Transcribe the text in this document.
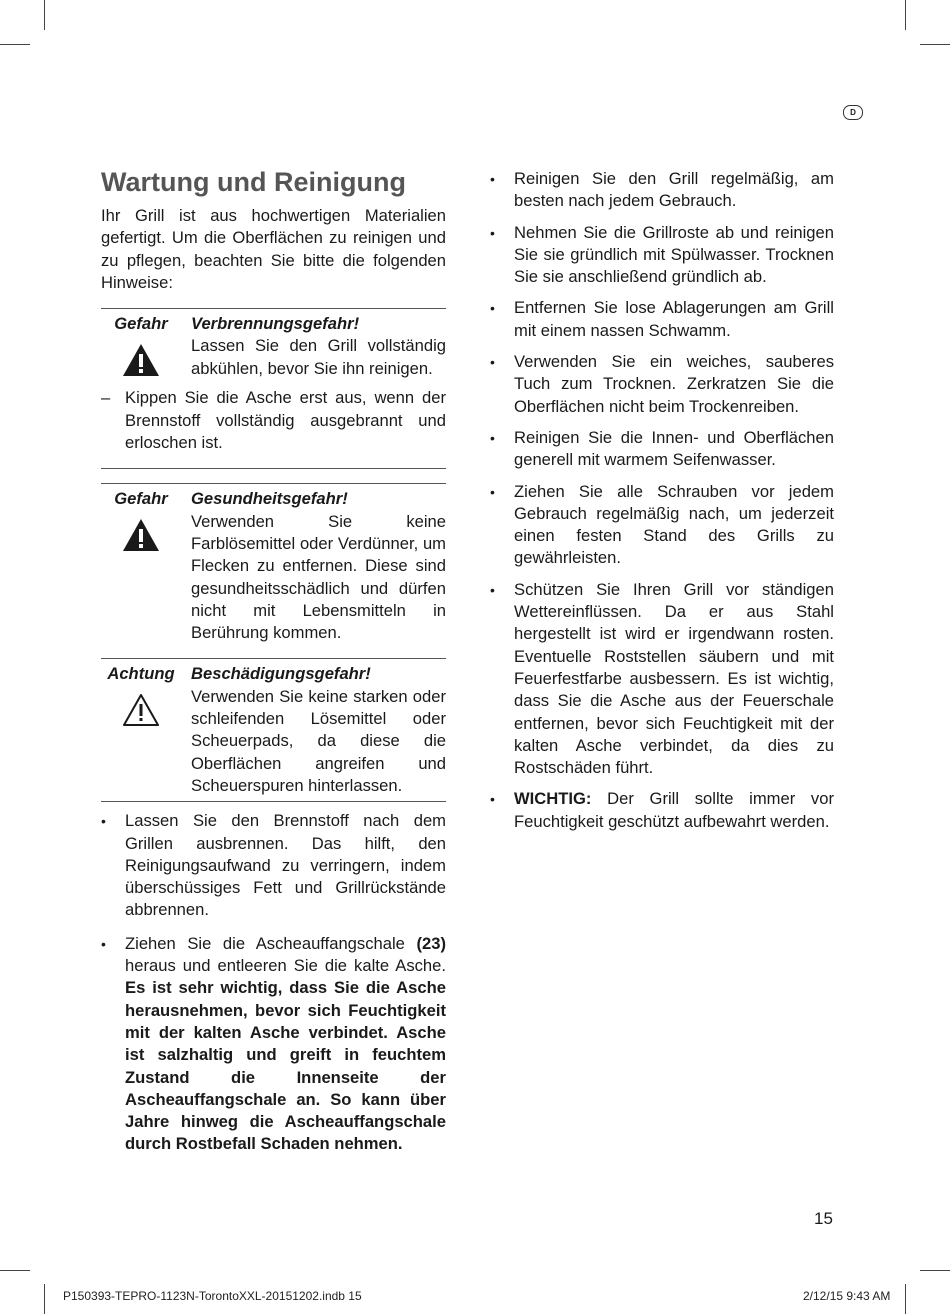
D
Wartung und Reinigung

Ihr Grill ist aus hochwertigen Materialien gefertigt. Um die Oberflächen zu reinigen und zu pflegen, beachten Sie bitte die folgenden Hinweise:

Gefahr Verbrennungsgefahr!
Lassen Sie den Grill vollständig abkühlen, bevor Sie ihn reinigen.
– Kippen Sie die Asche erst aus, wenn der Brennstoff vollständig ausgebrannt und erloschen ist.
Gefahr Gesundheitsgefahr!
Verwenden Sie keine Farblösemittel oder Verdünner, um Flecken zu entfernen. Diese sind gesundheitsschädlich und dürfen nicht mit Lebensmitteln in Berührung kommen.
Achtung Beschädigungsgefahr!
Verwenden Sie keine starken oder schleifenden Lösemittel oder Scheuerpads, da diese die Oberflächen angreifen und Scheuerspuren hinterlassen.
•	Lassen Sie den Brennstoff nach dem Grillen ausbrennen. Das hilft, den Reinigungsaufwand zu verringern, indem überschüssiges Fett und Grillrückstände abbrennen.
•	Ziehen Sie die Ascheauffangschale (23) heraus und entleeren Sie die kalte Asche. Es ist sehr wichtig, dass Sie die Asche herausnehmen, bevor sich Feuchtigkeit mit der kalten Asche verbindet. Asche ist salzhaltig und greift in feuchtem Zustand die Innenseite der Ascheauffangschale an. So kann über Jahre hinweg die Ascheauffangschale durch Rostbefall Schaden nehmen.
•	Reinigen Sie den Grill regelmäßig, am besten nach jedem Gebrauch.
•	Nehmen Sie die Grillroste ab und reinigen Sie sie gründlich mit Spülwasser. Trocknen Sie sie anschließend gründlich ab.
•	Entfernen Sie lose Ablagerungen am Grill mit einem nassen Schwamm.
•	Verwenden Sie ein weiches, sauberes Tuch zum Trocknen. Zerkratzen Sie die Oberflächen nicht beim Trockenreiben.
•	Reinigen Sie die Innen- und Oberflächen generell mit warmem Seifenwasser.
•	Ziehen Sie alle Schrauben vor jedem Gebrauch regelmäßig nach, um jederzeit einen festen Stand des Grills zu gewährleisten.
•	Schützen Sie Ihren Grill vor ständigen Wettereinflüssen. Da er aus Stahl hergestellt ist wird er irgendwann rosten. Eventuelle Roststellen säubern und mit Feuerfestfarbe ausbessern. Es ist wichtig, dass Sie die Asche aus der Feuerschale entfernen, bevor sich Feuchtigkeit mit der kalten Asche verbindet, da dies zu Rostschäden führt.
•	WICHTIG: Der Grill sollte immer vor Feuchtigkeit geschützt aufbewahrt werden.
15
P150393-TEPRO-1123N-TorontoXXL-20151202.indb 15	2/12/15 9:43 AM
